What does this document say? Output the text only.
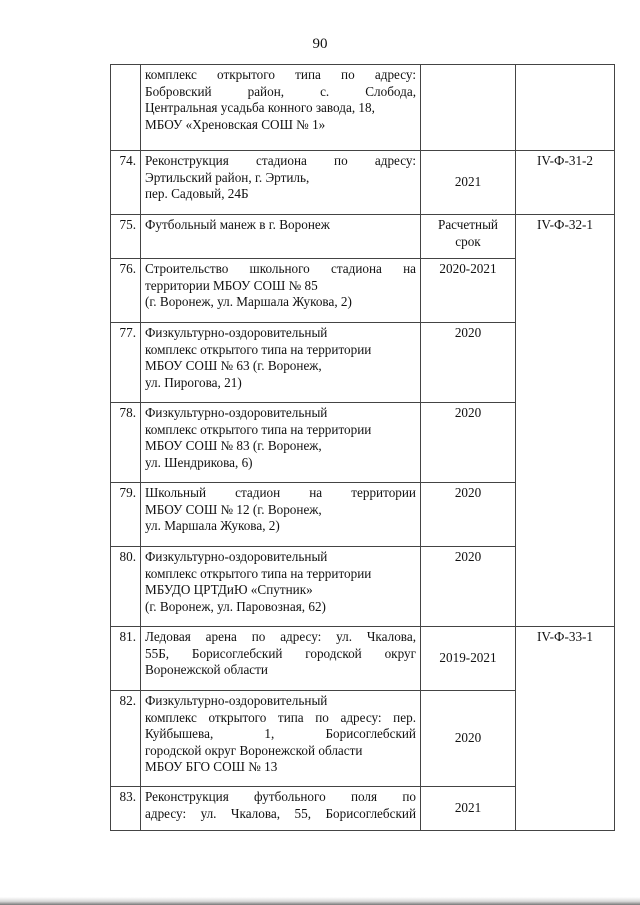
90

	комплекс открытого типа по адресу:
Бобровский район, с. Слобода,
Центральная усадьба конного завода, 18,
МБОУ «Хреновская СОШ № 1»		

74.	Реконструкция стадиона по адресу:
Эртильский район, г. Эртиль,
пер. Садовый, 24Б	2021	IV-Ф-31-2
75.	Футбольный манеж в г. Воронеж	Расчетный срок	IV-Ф-32-1
76.	Строительство школьного стадиона на
территории МБОУ СОШ № 85
(г. Воронеж, ул. Маршала Жукова, 2)	2020-2021	
77.	Физкультурно-оздоровительный
комплекс открытого типа на территории
МБОУ СОШ № 63 (г. Воронеж,
ул. Пирогова, 21)	2020	
78.	Физкультурно-оздоровительный
комплекс открытого типа на территории
МБОУ СОШ № 83 (г. Воронеж,
ул. Шендрикова, 6)	2020	
79.	Школьный стадион на территории
МБОУ СОШ № 12 (г. Воронеж,
ул. Маршала Жукова, 2)	2020	
80.	Физкультурно-оздоровительный
комплекс открытого типа на территории
МБУДО ЦРТДиЮ «Спутник»
(г. Воронеж, ул. Паровозная, 62)	2020	
81.	Ледовая арена по адресу: ул. Чкалова,
55Б, Борисоглебский городской округ
Воронежской области	2019-2021	IV-Ф-33-1
82.	Физкультурно-оздоровительный
комплекс открытого типа по адресу: пер.
Куйбышева, 1, Борисоглебский
городской округ Воронежской области
МБОУ БГО СОШ № 13	2020	
83.	Реконструкция футбольного поля по
адресу: ул. Чкалова, 55, Борисоглебский	2021	
